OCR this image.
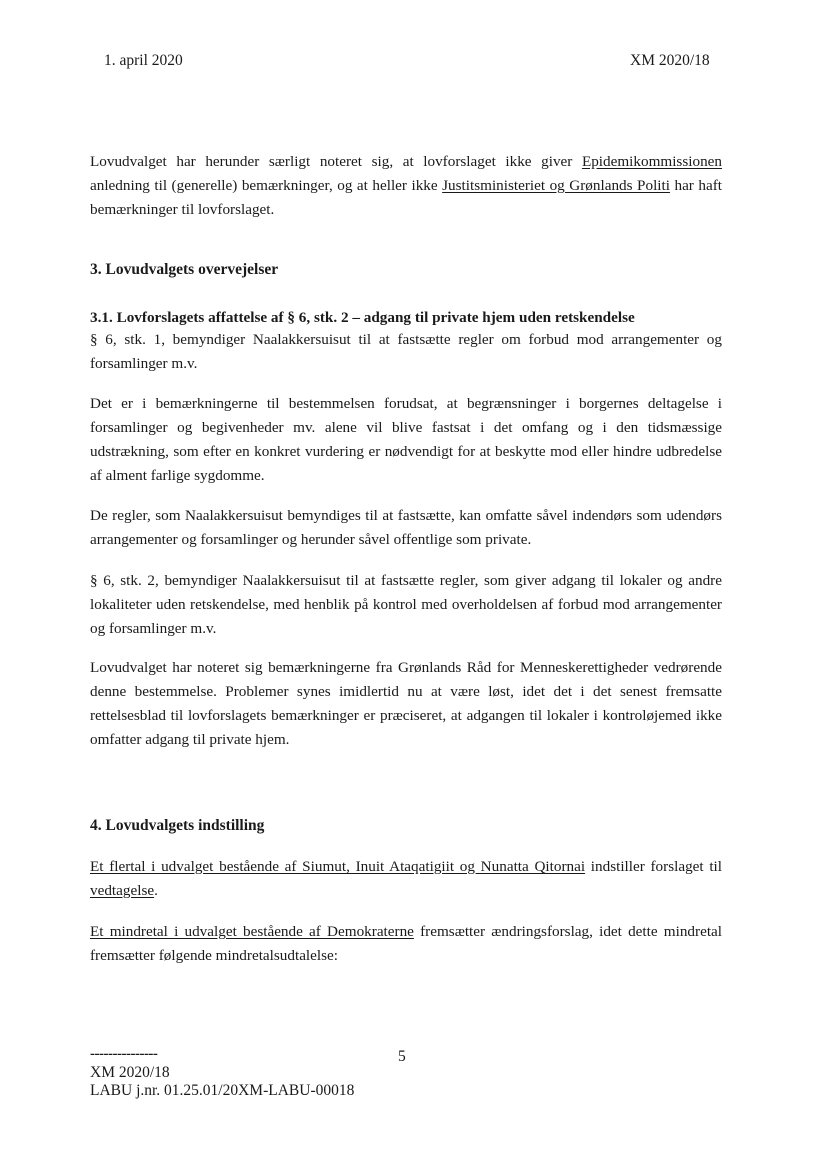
1. april 2020	XM 2020/18

Lovudvalget har herunder særligt noteret sig, at lovforslaget ikke giver Epidemikommissionen anledning til (generelle) bemærkninger, og at heller ikke Justitsministeriet og Grønlands Politi har haft bemærkninger til lovforslaget.

3. Lovudvalgets overvejelser
3.1. Lovforslagets affattelse af § 6, stk. 2 – adgang til private hjem uden retskendelse

§ 6, stk. 1, bemyndiger Naalakkersuisut til at fastsætte regler om forbud mod arrangementer og forsamlinger m.v.

Det er i bemærkningerne til bestemmelsen forudsat, at begrænsninger i borgernes deltagelse i forsamlinger og begivenheder mv. alene vil blive fastsat i det omfang og i den tidsmæssige udstrækning, som efter en konkret vurdering er nødvendigt for at beskytte mod eller hindre udbredelse af alment farlige sygdomme.

De regler, som Naalakkersuisut bemyndiges til at fastsætte, kan omfatte såvel indendørs som udendørs arrangementer og forsamlinger og herunder såvel offentlige som private.

§ 6, stk. 2, bemyndiger Naalakkersuisut til at fastsætte regler, som giver adgang til lokaler og andre lokaliteter uden retskendelse, med henblik på kontrol med overholdelsen af forbud mod arrangementer og forsamlinger m.v.

Lovudvalget har noteret sig bemærkningerne fra Grønlands Råd for Menneskerettigheder vedrørende denne bestemmelse. Problemer synes imidlertid nu at være løst, idet det i det senest fremsatte rettelsesblad til lovforslagets bemærkninger er præciseret, at adgangen til lokaler i kontroløjemed ikke omfatter adgang til private hjem.

4. Lovudvalgets indstilling

Et flertal i udvalget bestående af Siumut, Inuit Ataqatigiit og Nunatta Qitornai indstiller forslaget til vedtagelse.

Et mindretal i udvalget bestående af Demokraterne fremsætter ændringsforslag, idet dette mindretal fremsætter følgende mindretalsudtalelse:

---------------	5
XM 2020/18
LABU j.nr. 01.25.01/20XM-LABU-00018
